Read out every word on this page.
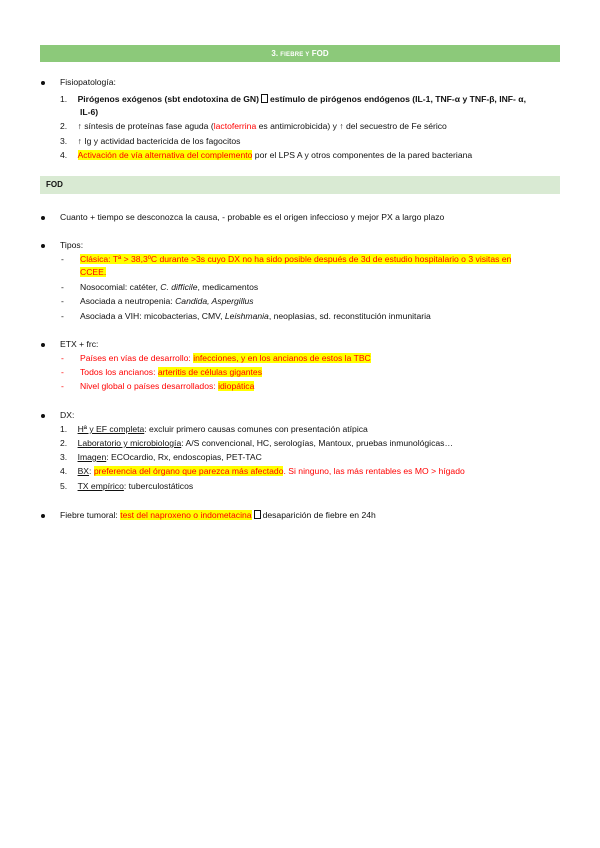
3. FIEBRE Y FOD
Fisiopatología:
1. Pirógenos exógenos (sbt endotoxina de GN) estímulo de pirógenos endógenos (IL-1, TNF-α y TNF-β, INF- α,
IL-6)
2. ↑ síntesis de proteínas fase aguda (lactoferrina es antimicrobicida) y ↑ del secuestro de Fe sérico
3. ↑ Ig y actividad bactericida de los fagocitos
4. Activación de vía alternativa del complemento por el LPS A y otros componentes de la pared bacteriana
FOD
Cuanto + tiempo se desconozca la causa, - probable es el origen infeccioso y mejor PX a largo plazo
Tipos:
- Clásica: Tª > 38,3ºC durante >3s cuyo DX no ha sido posible después de 3d de estudio hospitalario o 3 visitas en
CCEE.
- Nosocomial: catéter, C. difficile, medicamentos
- Asociada a neutropenia: Candida, Aspergillus
- Asociada a VIH: micobacterias, CMV, Leishmania, neoplasias, sd. reconstitución inmunitaria
ETX + frc:
- Países en vías de desarrollo: infecciones, y en los ancianos de estos la TBC
- Todos los ancianos: arteritis de células gigantes
- Nivel global o países desarrollados: idiopática
DX:
1. Hª y EF completa: excluir primero causas comunes con presentación atípica
2. Laboratorio y microbiología: A/S convencional, HC, serologías, Mantoux, pruebas inmunológicas…
3. Imagen: ECOcardio, Rx, endoscopias, PET-TAC
4. BX: preferencia del órgano que parezca más afectado. Si ninguno, las más rentables es MO > hígado
5. TX empírico: tuberculostáticos
Fiebre tumoral: test del naproxeno o indometacina desaparición de fiebre en 24h
